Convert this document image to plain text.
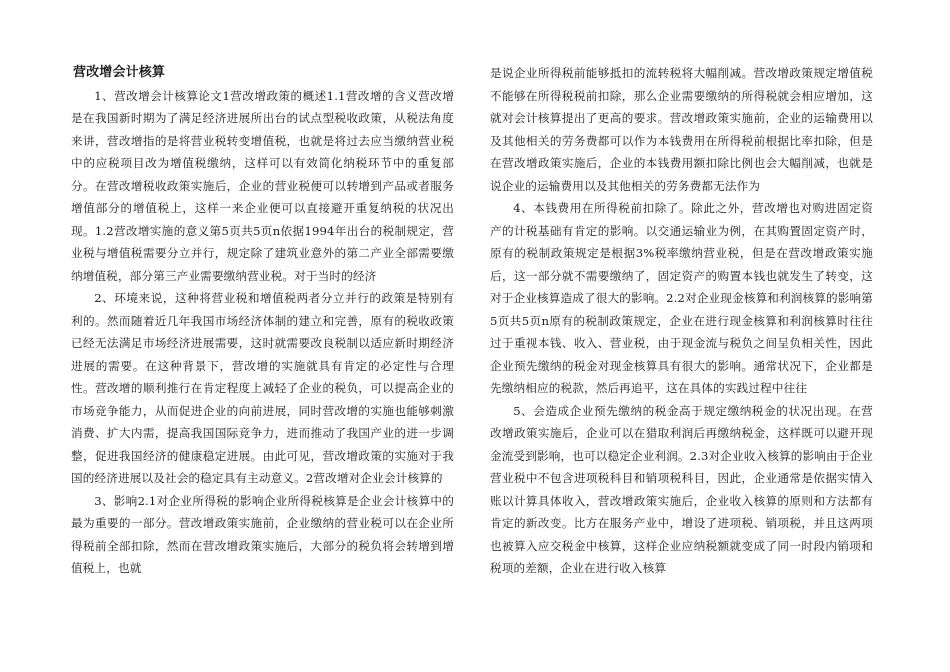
营改增会计核算

1、营改增会计核算论文1营改增政策的概述1.1营改增的含义营改增是在我国新时期为了满足经济进展所出台的试点型税收政策，从税法角度来讲，营改增指的是将营业税转变增值税，也就是将过去应当缴纳营业税中的应税项目改为增值税缴纳，这样可以有效简化纳税环节中的重复部分。在营改增税收政策实施后，企业的营业税便可以转增到产品或者服务增值部分的增值税上，这样一来企业便可以直接避开重复纳税的状况出现。1.2营改增实施的意义第5页共5页n依据1994年出台的税制规定，营业税与增值税需要分立并行，规定除了建筑业意外的第二产业全部需要缴纳增值税，部分第三产业需要缴纳营业税。对于当时的经济

2、环境来说，这种将营业税和增值税两者分立并行的政策是特别有利的。然而随着近几年我国市场经济体制的建立和完善，原有的税收政策已经无法满足市场经济进展需要，这时就需要改良税制以适应新时期经济进展的需要。在这种背景下，营改增的实施就具有肯定的必定性与合理性。营改增的顺利推行在肯定程度上减轻了企业的税负，可以提高企业的市场竞争能力，从而促进企业的向前进展，同时营改增的实施也能够刺激消费、扩大内需，提高我国国际竞争力，进而推动了我国产业的进一步调整，促进我国经济的健康稳定进展。由此可见，营改增政策的实施对于我国的经济进展以及社会的稳定具有主动意义。2营改增对企业会计核算的

3、影响2.1对企业所得税的影响企业所得税核算是企业会计核算中的最为重要的一部分。营改增政策实施前，企业缴纳的营业税可以在企业所得税前全部扣除，然而在营改增政策实施后，大部分的税负将会转增到增值税上，也就

是说企业所得税前能够抵扣的流转税将大幅削减。营改增政策规定增值税不能够在所得税税前扣除，那么企业需要缴纳的所得税就会相应增加，这就对会计核算提出了更高的要求。营改增政策实施前，企业的运输费用以及其他相关的劳务费都可以作为本钱费用在所得税前根据比率扣除，但是在营改增政策实施后，企业的本钱费用额扣除比例也会大幅削减，也就是说企业的运输费用以及其他相关的劳务费都无法作为

4、本钱费用在所得税前扣除了。除此之外，营改增也对购进固定资产的计税基础有肯定的影响。以交通运输业为例，在其购置固定资产时，原有的税制政策规定是根据3%税率缴纳营业税，但是在营改增政策实施后，这一部分就不需要缴纳了，固定资产的购置本钱也就发生了转变，这对于企业核算造成了很大的影响。2.2对企业现金核算和利润核算的影响第5页共5页n原有的税制政策规定，企业在进行现金核算和利润核算时往往过于重视本钱、收入、营业税，由于现金流与税负之间呈负相关性，因此企业预先缴纳的税金对现金核算具有很大的影响。通常状况下，企业都是先缴纳相应的税款，然后再追平，这在具体的实践过程中往往

5、会造成企业预先缴纳的税金高于规定缴纳税金的状况出现。在营改增政策实施后，企业可以在猎取利润后再缴纳税金，这样既可以避开现金流受到影响，也可以稳定企业利润。2.3对企业收入核算的影响由于企业营业税中不包含进项税科目和销项税科目，因此，企业通常是依据实情入账以计算具体收入，营改增政策实施后，企业收入核算的原则和方法都有肯定的新改变。比方在服务产业中，增设了进项税、销项税，并且这两项也被算入应交税金中核算，这样企业应纳税额就变成了同一时段内销项和税项的差额，企业在进行收入核算
